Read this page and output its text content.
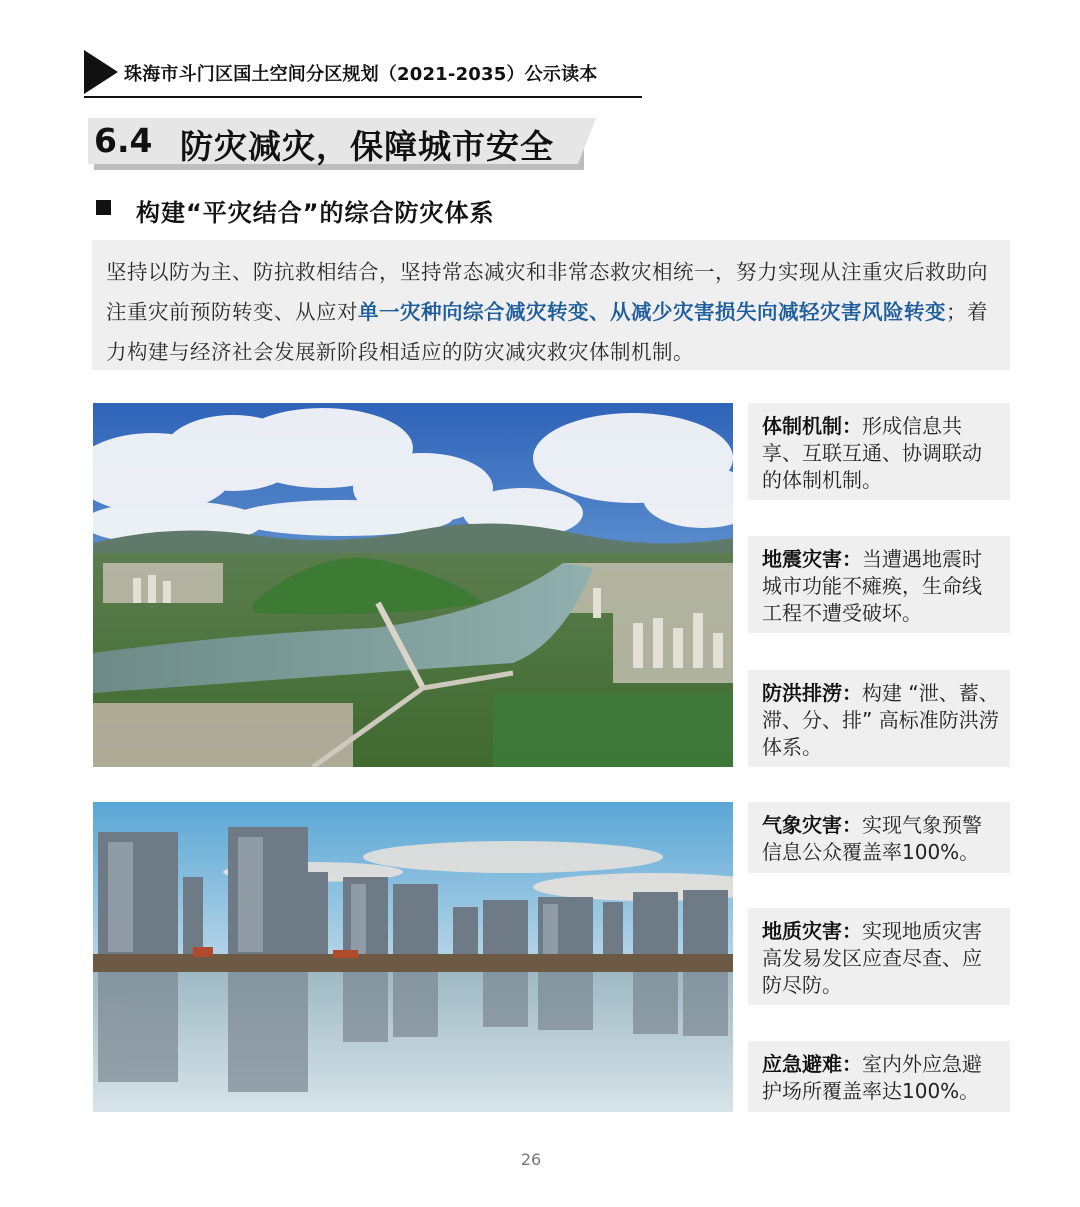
珠海市斗门区国土空间分区规划（2021-2035）公示读本
6.4 防灾减灾，保障城市安全
构建“平灾结合”的综合防灾体系
坚持以防为主、防抗救相结合，坚持常态减灾和非常态救灾相统一，努力实现从注重灾后救助向注重灾前预防转变、从应对单一灾种向综合减灾转变、从减少灾害损失向减轻灾害风险转变；着力构建与经济社会发展新阶段相适应的防灾减灾救灾体制机制。
体制机制：形成信息共享、互联互通、协调联动的体制机制。
地震灾害：当遭遇地震时城市功能不瘫痪，生命线工程不遭受破坏。
防洪排涝：构建 “泄、蓄、滞、分、排” 高标准防洪涝体系。
气象灾害：实现气象预警信息公众覆盖率100%。
地质灾害：实现地质灾害高发易发区应查尽查、应防尽防。
应急避难：室内外应急避护场所覆盖率达100%。
26
